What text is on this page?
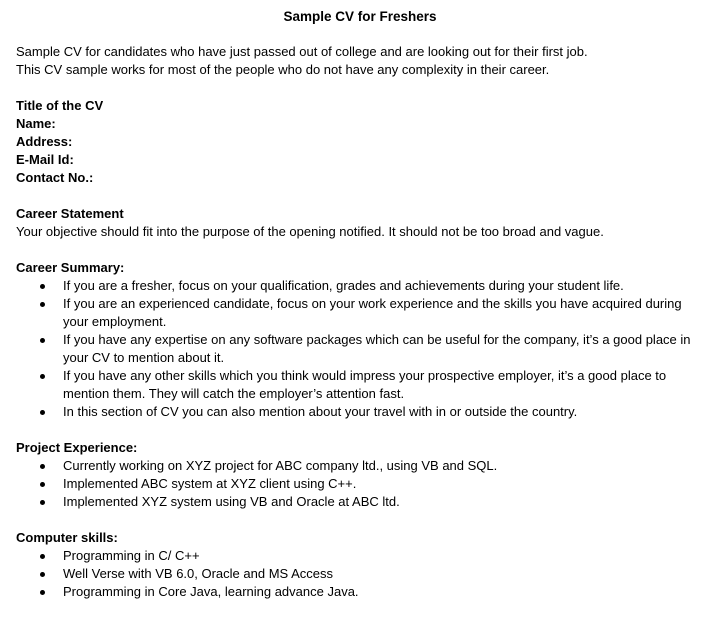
Sample CV for Freshers

Sample CV for candidates who have just passed out of college and are looking out for their first job.

This CV sample works for most of the people who do not have any complexity in their career.

Title of the CV

Name:

Address:

E-Mail Id:

Contact No.:

Career Statement

Your objective should fit into the purpose of the opening notified. It should not be too broad and vague.

Career Summary:

If you are a fresher, focus on your qualification, grades and achievements during your student life.
If you are an experienced candidate, focus on your work experience and the skills you have acquired during your employment.
If you have any expertise on any software packages which can be useful for the company, it’s a good place in your CV to mention about it.
If you have any other skills which you think would impress your prospective employer, it’s a good place to mention them. They will catch the employer’s attention fast.
In this section of CV you can also mention about your travel with in or outside the country.

Project Experience:

Currently working on XYZ project for ABC company ltd., using VB and SQL.
Implemented ABC system at XYZ client using C++.
Implemented XYZ system using VB and Oracle at ABC ltd.

Computer skills:

Programming in C/ C++
Well Verse with VB 6.0, Oracle and MS Access
Programming in Core Java, learning advance Java.
